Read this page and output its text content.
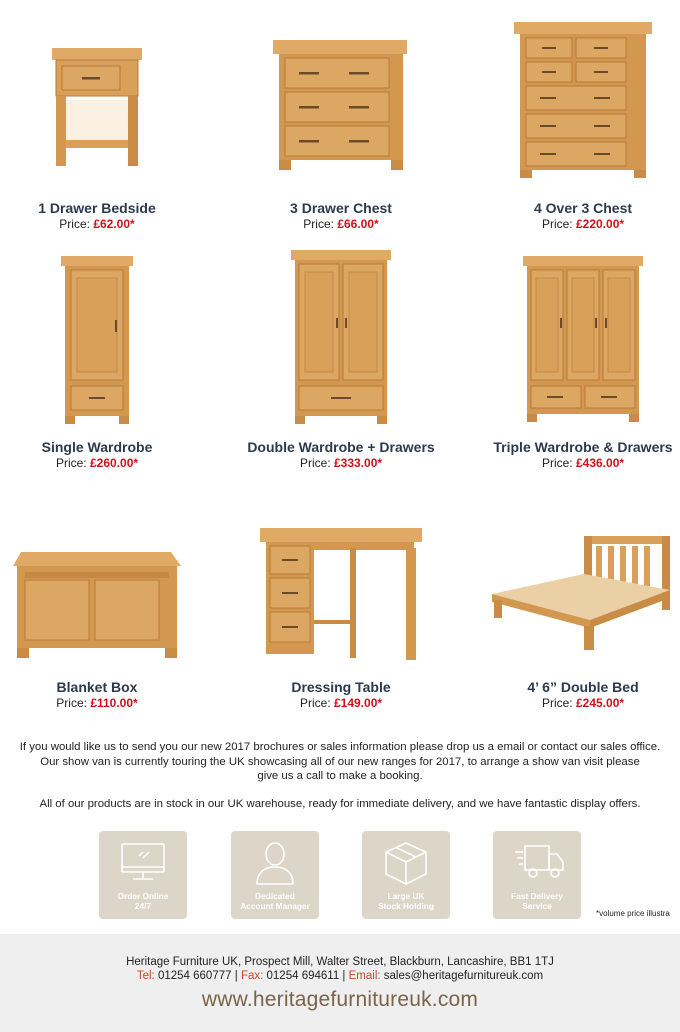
1 Drawer Bedside
Price: £62.00*
3 Drawer Chest
Price: £66.00*
4 Over 3 Chest
Price: £220.00*
Single Wardrobe
Price: £260.00*
Double Wardrobe + Drawers
Price: £333.00*
Triple Wardrobe & Drawers
Price: £436.00*
Blanket Box
Price: £110.00*
Dressing Table
Price: £149.00*
4’ 6” Double Bed
Price: £245.00*
If you would like us to send you our new 2017 brochures or sales information please drop us a email or contact our sales office.
Our show van is currently touring the UK showcasing all of our new ranges for 2017, to arrange a show van visit please
give us a call to make a booking.
All of our products are in stock in our UK warehouse, ready for immediate delivery, and we have fantastic display offers.
Order Online
24/7
Dedicated
Account Manager
Large UK
Stock Holding
Fast Delivery
Service
*volume price illustra
Heritage Furniture UK, Prospect Mill, Walter Street, Blackburn, Lancashire, BB1 1TJ
Tel: 01254 660777 | Fax: 01254 694611 | Email: sales@heritagefurnitureuk.com
www.heritagefurnitureuk.com
